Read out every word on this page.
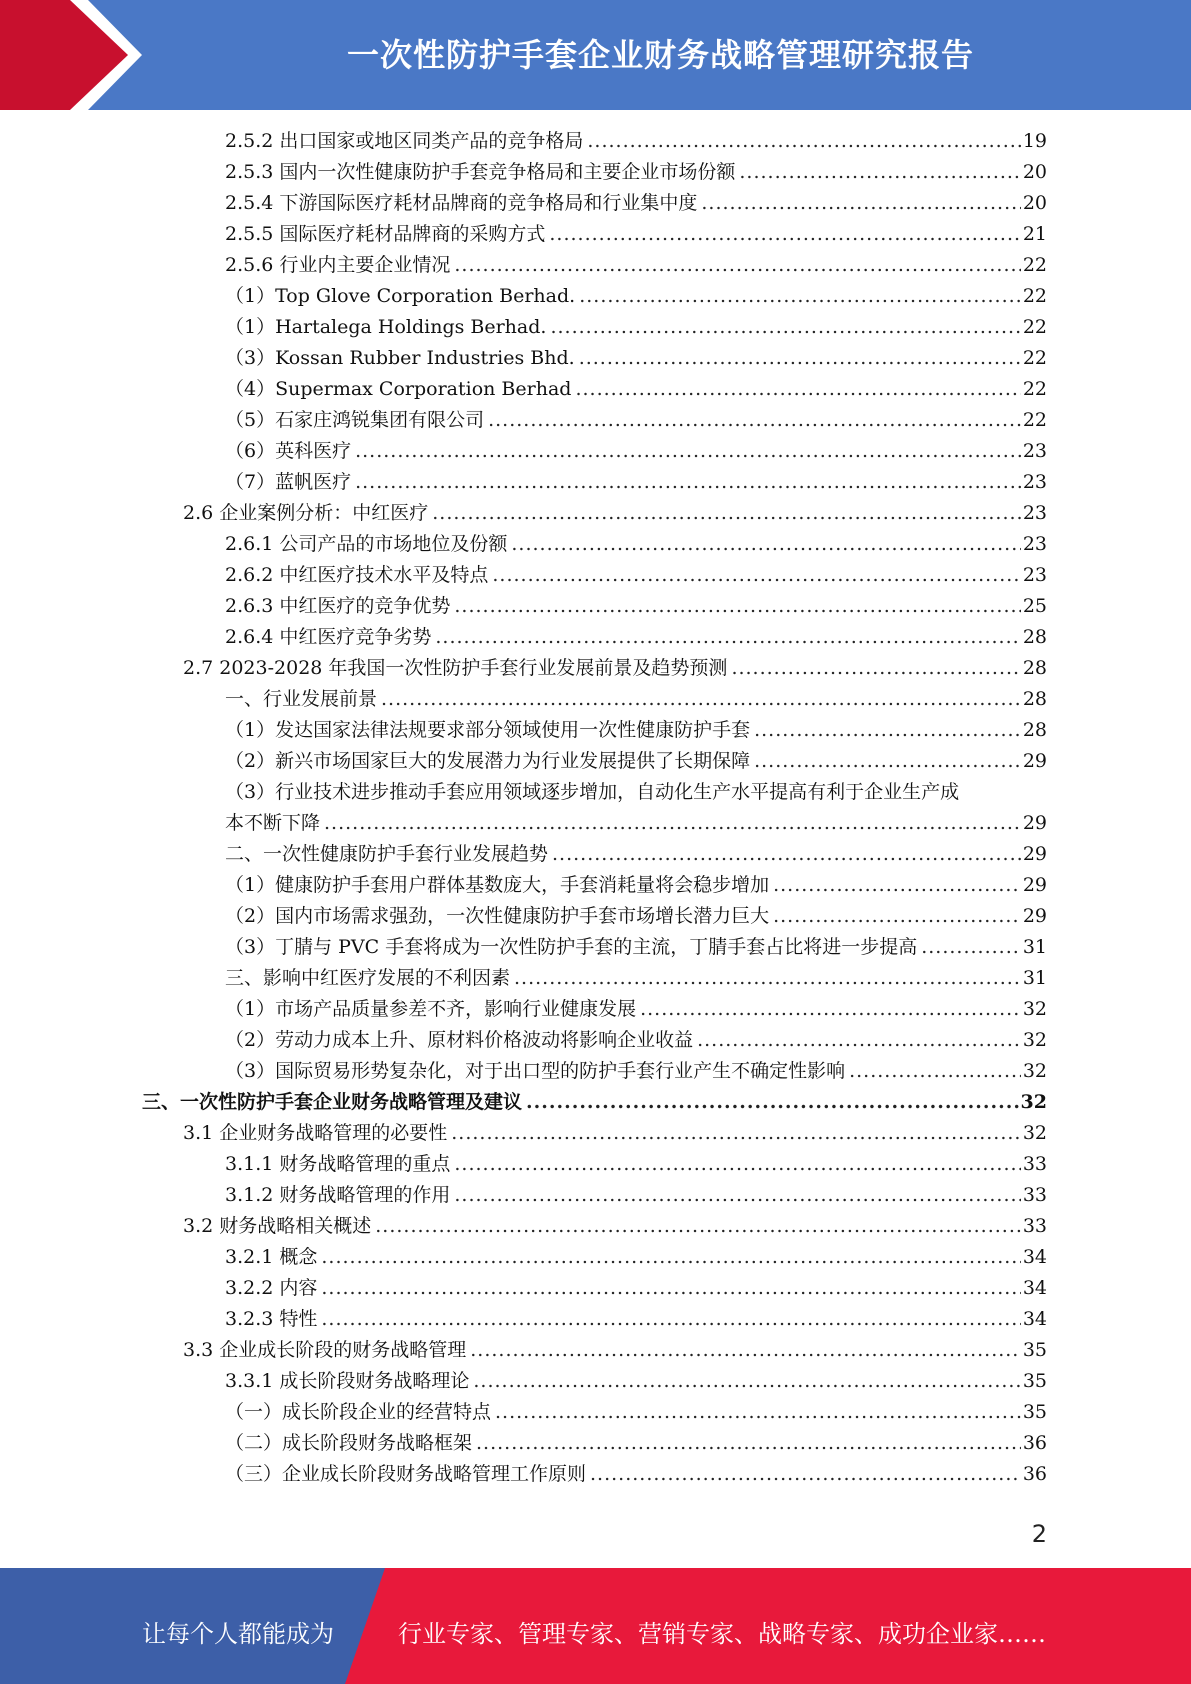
一次性防护手套企业财务战略管理研究报告
2.5.2 出口国家或地区同类产品的竞争格局 .....	19
2.5.3 国内一次性健康防护手套竞争格局和主要企业市场份额 .....	20
2.5.4 下游国际医疗耗材品牌商的竞争格局和行业集中度 .....	20
2.5.5 国际医疗耗材品牌商的采购方式 .....	21
2.5.6 行业内主要企业情况 .....	22
（1）Top Glove Corporation Berhad. .....	22
（1）Hartalega Holdings Berhad. .....	22
（3）Kossan Rubber Industries Bhd. .....	22
（4）Supermax Corporation Berhad .....	22
（5）石家庄鸿锐集团有限公司 .....	22
（6）英科医疗 .....	23
（7）蓝帆医疗 .....	23
2.6 企业案例分析：中红医疗 .....	23
2.6.1 公司产品的市场地位及份额 .....	23
2.6.2 中红医疗技术水平及特点 .....	23
2.6.3 中红医疗的竞争优势 .....	25
2.6.4 中红医疗竞争劣势 .....	28
2.7 2023-2028 年我国一次性防护手套行业发展前景及趋势预测 .....	28
一、行业发展前景 .....	28
（1）发达国家法律法规要求部分领域使用一次性健康防护手套 .....	28
（2）新兴市场国家巨大的发展潜力为行业发展提供了长期保障 .....	29
（3）行业技术进步推动手套应用领域逐步增加，自动化生产水平提高有利于企业生产成
本不断下降 .....	29
二、一次性健康防护手套行业发展趋势 .....	29
（1）健康防护手套用户群体基数庞大，手套消耗量将会稳步增加 .....	29
（2）国内市场需求强劲，一次性健康防护手套市场增长潜力巨大 .....	29
（3）丁腈与 PVC 手套将成为一次性防护手套的主流，丁腈手套占比将进一步提高 .....	31
三、影响中红医疗发展的不利因素 .....	31
（1）市场产品质量参差不齐，影响行业健康发展 .....	32
（2）劳动力成本上升、原材料价格波动将影响企业收益 .....	32
（3）国际贸易形势复杂化，对于出口型的防护手套行业产生不确定性影响 .....	32
三、一次性防护手套企业财务战略管理及建议 .....	32
3.1 企业财务战略管理的必要性 .....	32
3.1.1 财务战略管理的重点 .....	33
3.1.2 财务战略管理的作用 .....	33
3.2 财务战略相关概述 .....	33
3.2.1 概念 .....	34
3.2.2 内容 .....	34
3.2.3 特性 .....	34
3.3 企业成长阶段的财务战略管理 .....	35
3.3.1 成长阶段财务战略理论 .....	35
（一）成长阶段企业的经营特点 .....	35
（二）成长阶段财务战略框架 .....	36
（三）企业成长阶段财务战略管理工作原则 .....	36
2
让每个人都能成为	行业专家、管理专家、营销专家、战略专家、成功企业家……
